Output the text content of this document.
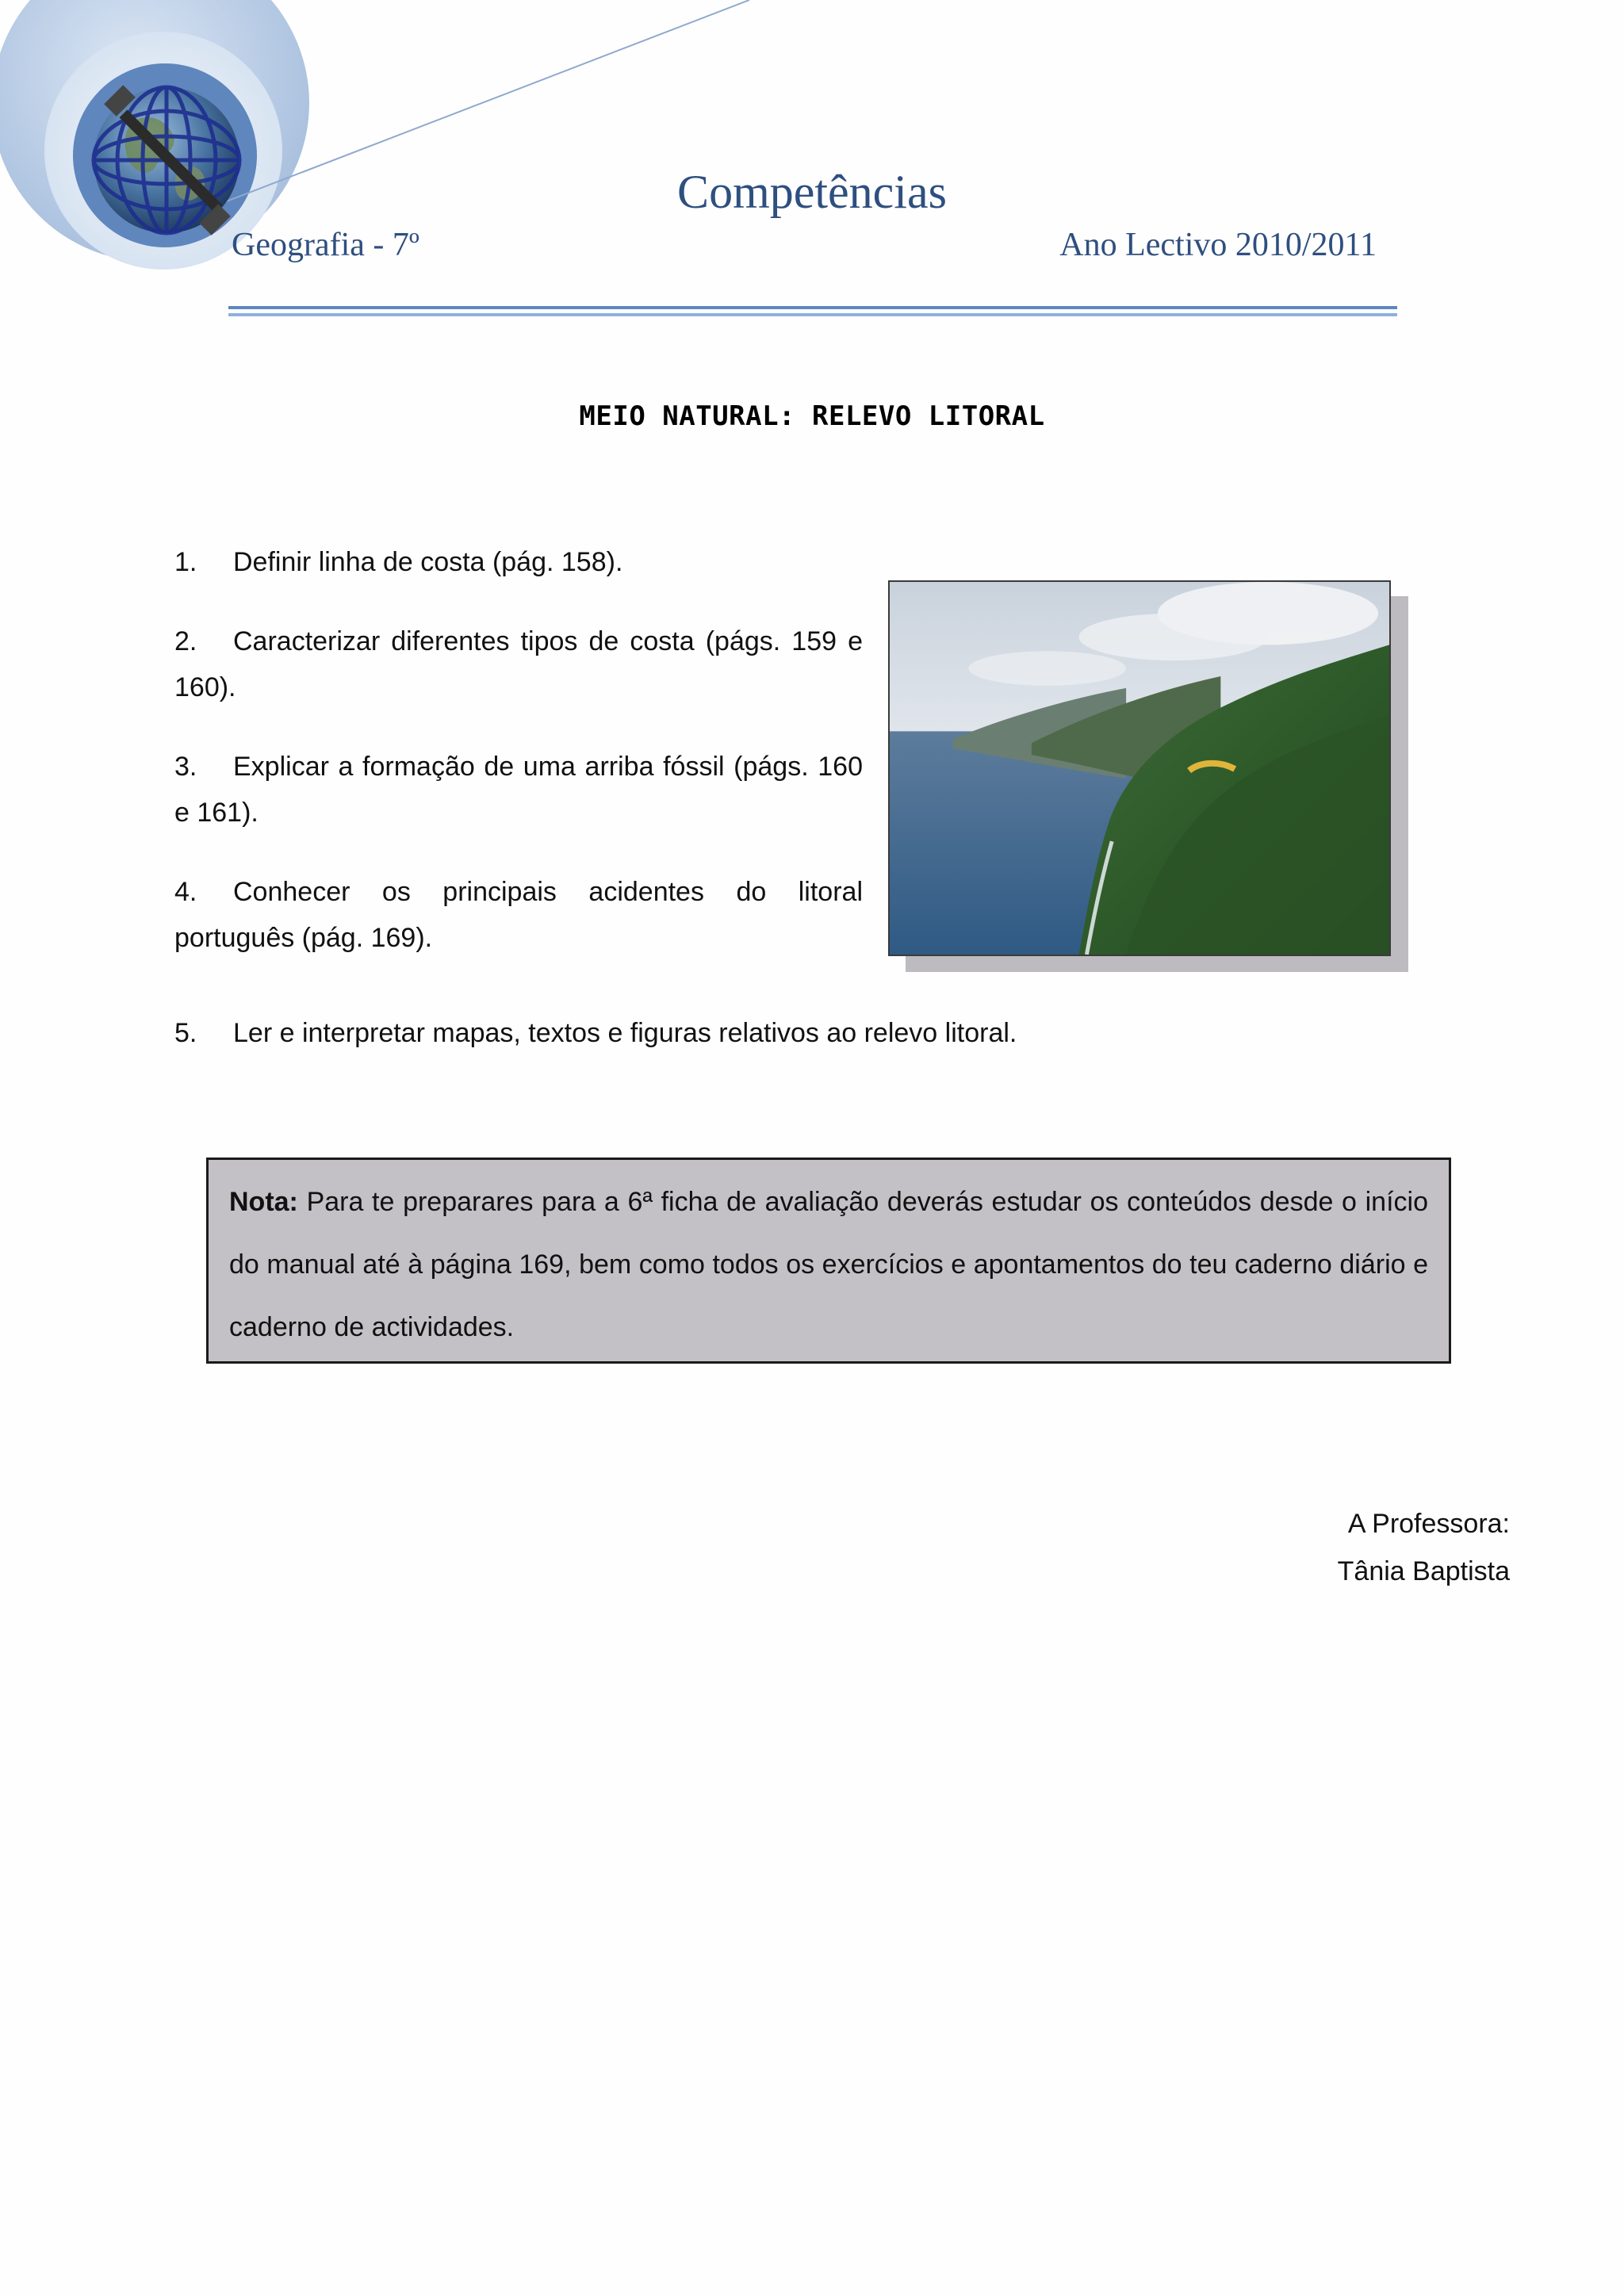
Competências
Geografia - 7º	Ano Lectivo 2010/2011
MEIO NATURAL: RELEVO LITORAL
1. Definir linha de costa (pág. 158).
2. Caracterizar diferentes tipos de costa (págs. 159 e 160).
3. Explicar a formação de uma arriba fóssil (págs. 160 e 161).
4. Conhecer os principais acidentes do litoral português (pág. 169).
5. Ler e interpretar mapas, textos e figuras relativos ao relevo litoral.
Nota: Para te preparares para a 6ª ficha de avaliação deverás estudar os conteúdos desde o início do manual até à página 169, bem como todos os exercícios e apontamentos do teu caderno diário e caderno de actividades.
A Professora:
Tânia Baptista
